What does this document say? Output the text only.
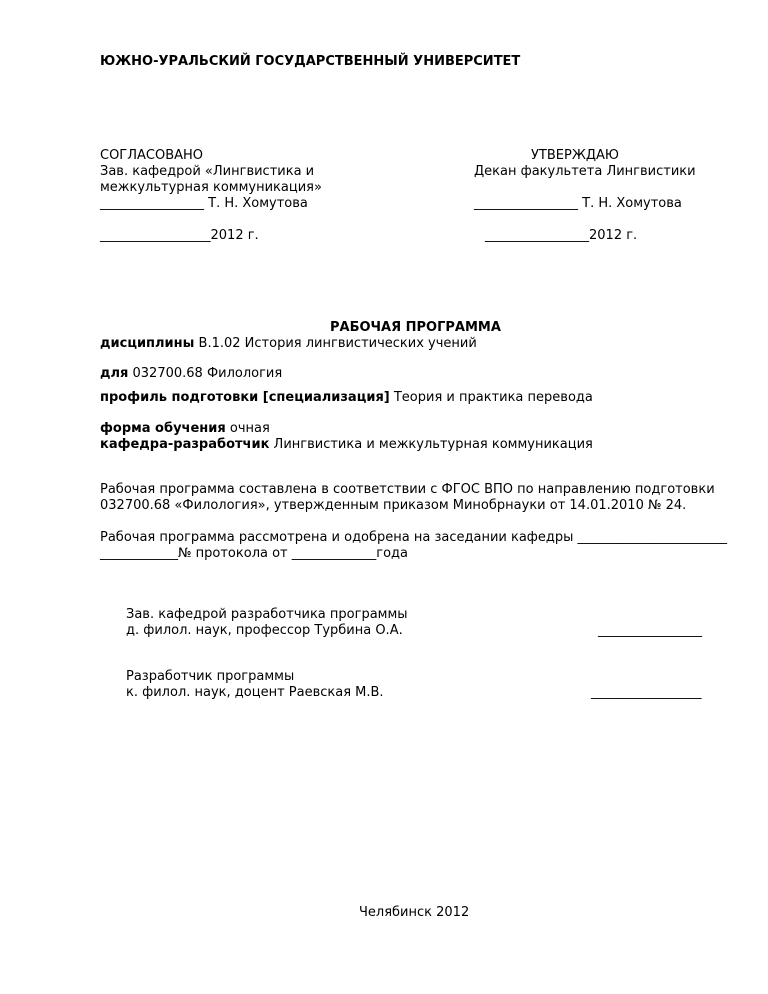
ЮЖНО-УРАЛЬСКИЙ ГОСУДАРСТВЕННЫЙ УНИВЕРСИТЕТ
СОГЛАСОВАНО
Зав. кафедрой «Лингвистика и
межкультурная коммуникация»
________________ Т. Н. Хомутова
_________________2012 г.
УТВЕРЖДАЮ
Декан факультета Лингвистики
________________ Т. Н. Хомутова
________________2012 г.
РАБОЧАЯ ПРОГРАММА
дисциплины В.1.02 История лингвистических учений
для 032700.68 Филология
профиль подготовки [специализация] Теория и практика перевода
форма обучения очная
кафедра-разработчик Лингвистика и межкультурная коммуникация
Рабочая программа составлена в соответствии с ФГОС ВПО по направлению подготовки
032700.68 «Филология», утвержденным приказом Минобрнауки от 14.01.2010 № 24.
Рабочая программа рассмотрена и одобрена на заседании кафедры _______________________
____________№ протокола от _____________года
Зав. кафедрой разработчика программы
д. филол. наук, профессор Турбина О.А.	________________
Разработчик программы
к. филол. наук, доцент Раевская М.В.	_________________
Челябинск 2012
